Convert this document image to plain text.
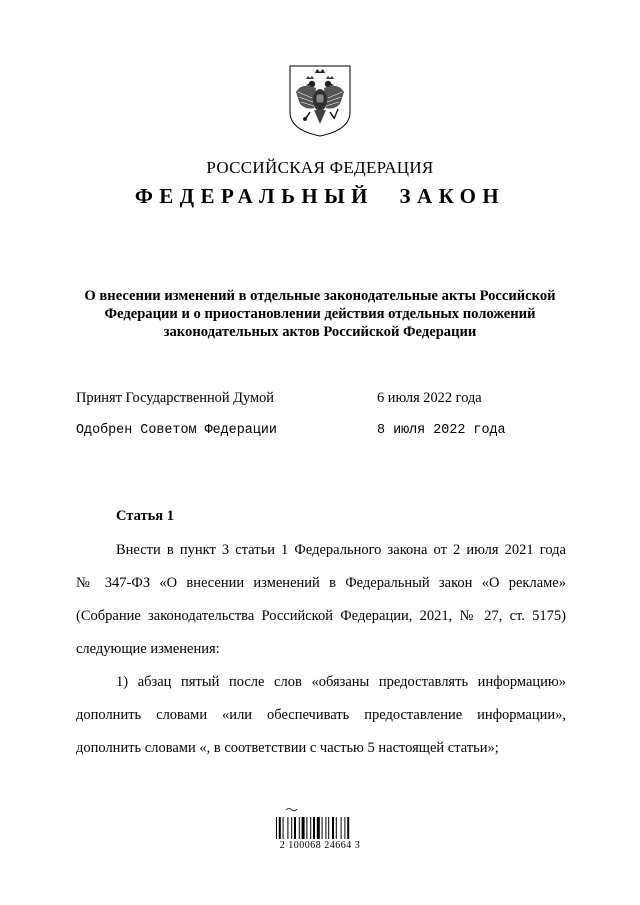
РОССИЙСКАЯ ФЕДЕРАЦИЯ
ФЕДЕРАЛЬНЫЙ ЗАКОН
О внесении изменений в отдельные законодательные акты Российской Федерации и о приостановлении действия отдельных положений законодательных актов Российской Федерации
Принят Государственной Думой	6 июля 2022 года
Одобрен Советом Федерации	8 июля 2022 года
Статья 1
Внести в пункт 3 статьи 1 Федерального закона от 2 июля 2021 года
№ 347-ФЗ «О внесении изменений в Федеральный закон «О рекламе»
(Собрание законодательства Российской Федерации, 2021, № 27, ст. 5175)
следующие изменения:
1) абзац пятый после слов «обязаны предоставлять информацию»
дополнить словами «или обеспечивать предоставление информации»,
дополнить словами «, в соответствии с частью 5 настоящей статьи»;
2 100068 24664 3
